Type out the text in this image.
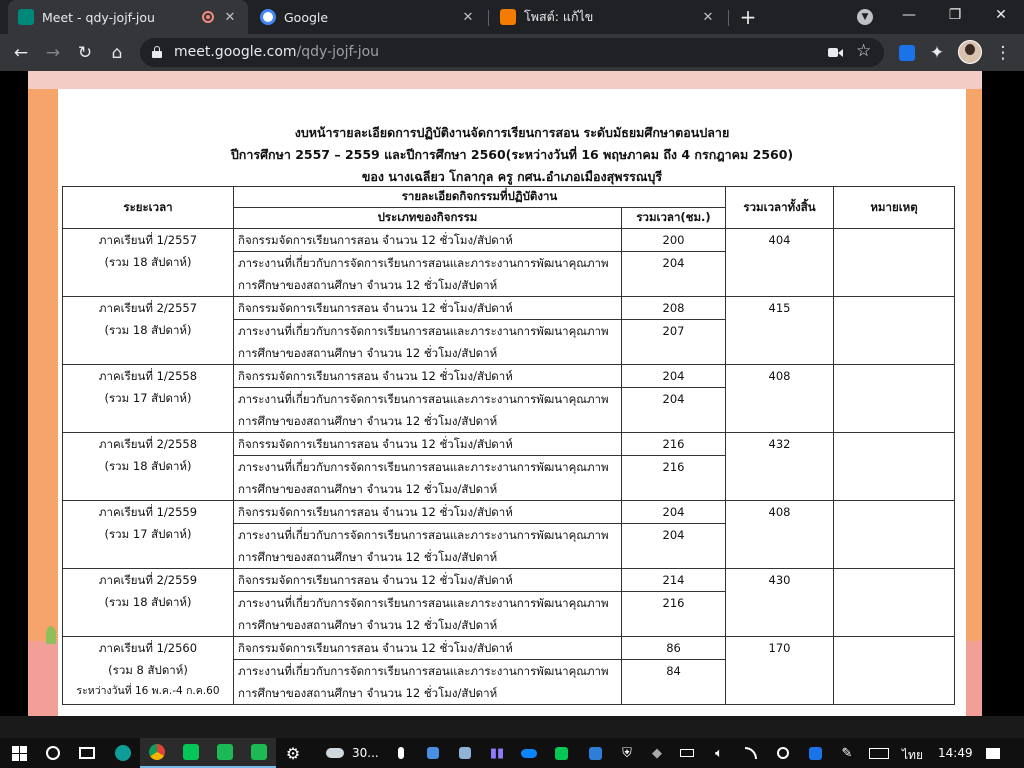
Meet - qdy-jojf-jou	✕	Google	✕	โพสต์: แก้ไข	✕ +	▼	—	❐	✕
←	→	↻	⌂	meet.google.com/qdy-jojf-jou	☆	✦	⋮
งบหน้ารายละเอียดการปฏิบัติงานจัดการเรียนการสอน ระดับมัธยมศึกษาตอนปลาย
ปีการศึกษา 2557 – 2559 และปีการศึกษา 2560(ระหว่างวันที่ 16 พฤษภาคม ถึง 4 กรกฎาคม 2560)
ของ นางเฉลียว โกลากุล ครู กศน.อำเภอเมืองสุพรรณบุรี
ระยะเวลา	รายละเอียดกิจกรรมที่ปฏิบัติงาน		รวมเวลาทั้งสิ้น	หมายเหตุ
	ประเภทของกิจกรรม	รวมเวลา(ชม.)		

ภาคเรียนที่ 1/2557
(รวม 18 สัปดาห์)	กิจกรรมจัดการเรียนการสอน จำนวน 12 ชั่วโมง/สัปดาห์	200	404	

	ภาระงานที่เกี่ยวกับการจัดการเรียนการสอนและภาระงานการพัฒนาคุณภาพ
การศึกษาของสถานศึกษา จำนวน 12 ชั่วโมง/สัปดาห์	204		

ภาคเรียนที่ 2/2557
(รวม 18 สัปดาห์)	กิจกรรมจัดการเรียนการสอน จำนวน 12 ชั่วโมง/สัปดาห์	208	415	

	ภาระงานที่เกี่ยวกับการจัดการเรียนการสอนและภาระงานการพัฒนาคุณภาพ
การศึกษาของสถานศึกษา จำนวน 12 ชั่วโมง/สัปดาห์	207		

ภาคเรียนที่ 1/2558
(รวม 17 สัปดาห์)	กิจกรรมจัดการเรียนการสอน จำนวน 12 ชั่วโมง/สัปดาห์	204	408	

	ภาระงานที่เกี่ยวกับการจัดการเรียนการสอนและภาระงานการพัฒนาคุณภาพ
การศึกษาของสถานศึกษา จำนวน 12 ชั่วโมง/สัปดาห์	204		

ภาคเรียนที่ 2/2558
(รวม 18 สัปดาห์)	กิจกรรมจัดการเรียนการสอน จำนวน 12 ชั่วโมง/สัปดาห์	216	432	

	ภาระงานที่เกี่ยวกับการจัดการเรียนการสอนและภาระงานการพัฒนาคุณภาพ
การศึกษาของสถานศึกษา จำนวน 12 ชั่วโมง/สัปดาห์	216		

ภาคเรียนที่ 1/2559
(รวม 17 สัปดาห์)	กิจกรรมจัดการเรียนการสอน จำนวน 12 ชั่วโมง/สัปดาห์	204	408	

	ภาระงานที่เกี่ยวกับการจัดการเรียนการสอนและภาระงานการพัฒนาคุณภาพ
การศึกษาของสถานศึกษา จำนวน 12 ชั่วโมง/สัปดาห์	204		

ภาคเรียนที่ 2/2559
(รวม 18 สัปดาห์)	กิจกรรมจัดการเรียนการสอน จำนวน 12 ชั่วโมง/สัปดาห์	214	430	

	ภาระงานที่เกี่ยวกับการจัดการเรียนการสอนและภาระงานการพัฒนาคุณภาพ
การศึกษาของสถานศึกษา จำนวน 12 ชั่วโมง/สัปดาห์	216		

ภาคเรียนที่ 1/2560
(รวม 8 สัปดาห์)
ระหว่างวันที่ 16 พ.ค.-4 ก.ค.60	กิจกรรมจัดการเรียนการสอน จำนวน 12 ชั่วโมง/สัปดาห์	86	170	

	ภาระงานที่เกี่ยวกับการจัดการเรียนการสอนและภาระงานการพัฒนาคุณภาพ
การศึกษาของสถานศึกษา จำนวน 12 ชั่วโมง/สัปดาห์	84		
⚙	30...	▮▮	⛨ ◆	🔈︎	✎	ไทย 14:49
